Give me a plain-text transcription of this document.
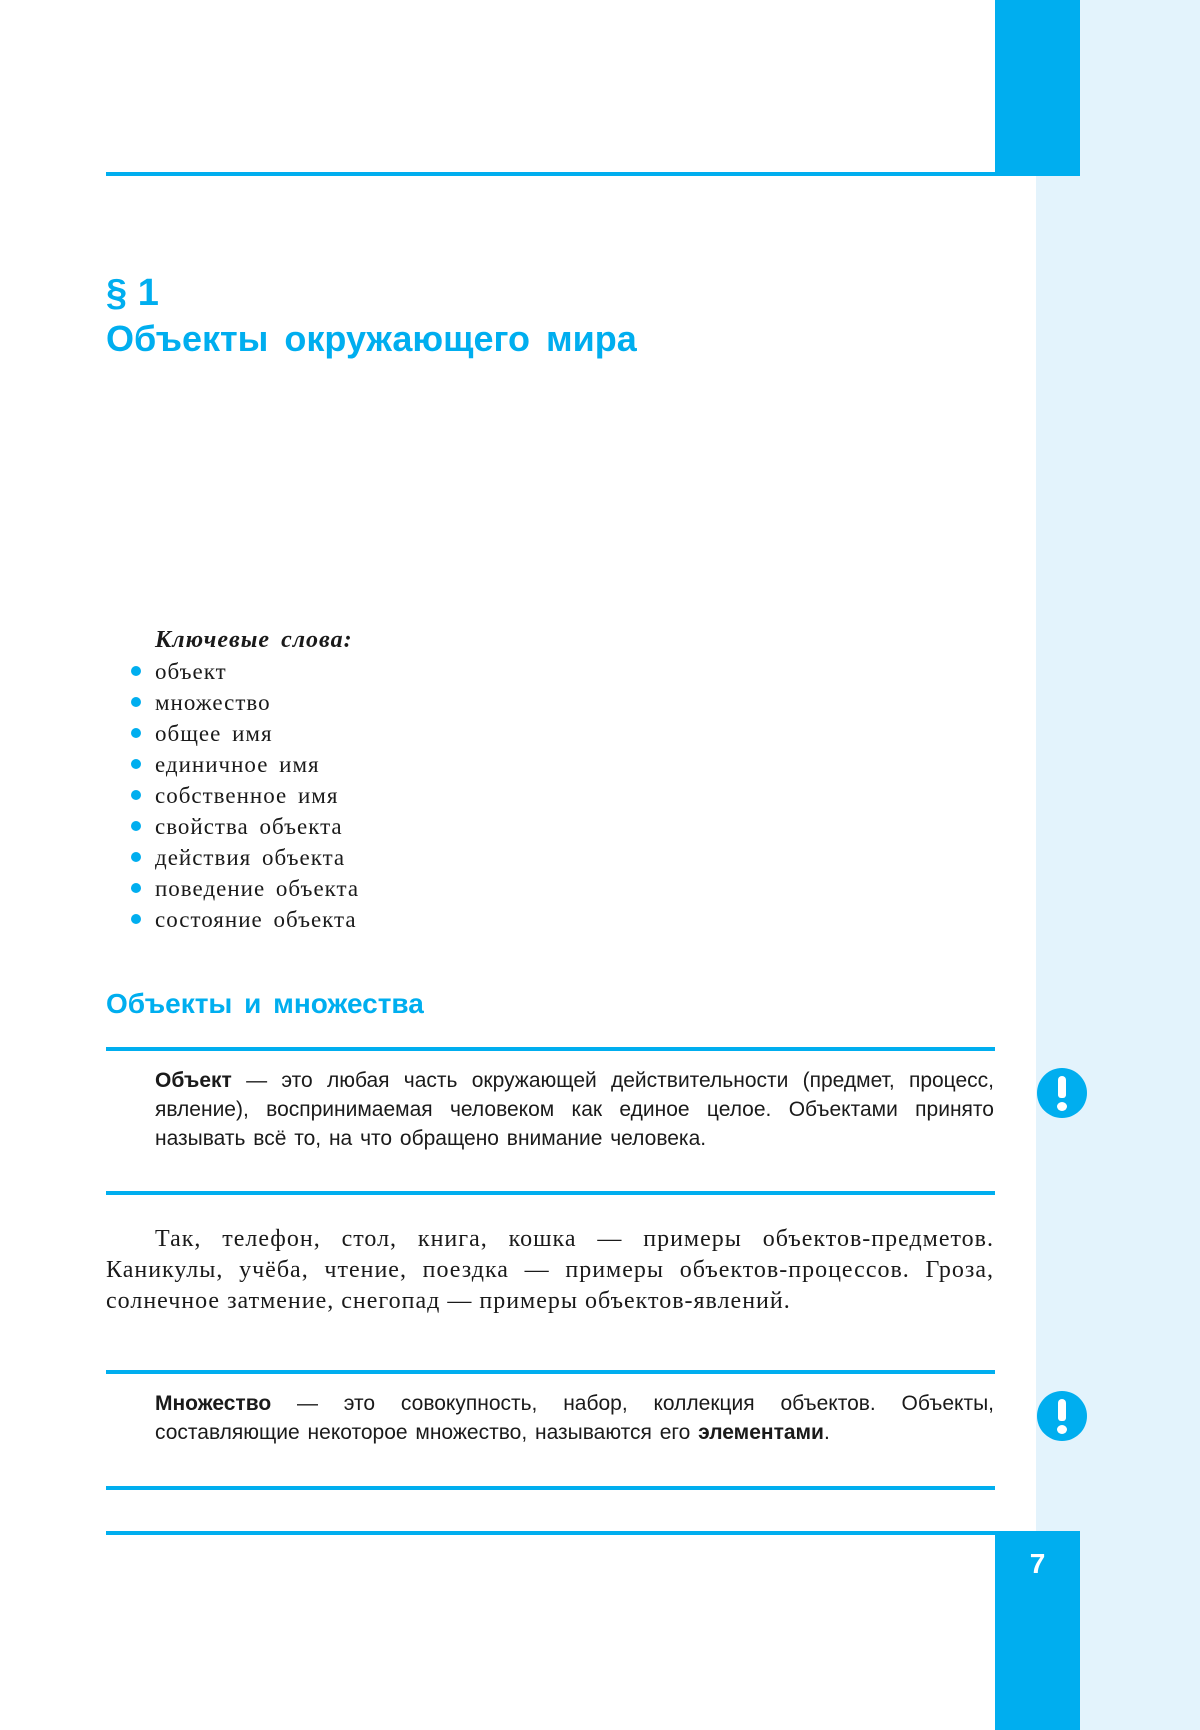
§ 1
Объекты окружающего мира

Ключевые слова:

объект
множество
общее имя
единичное имя
собственное имя
свойства объекта
действия объекта
поведение объекта
состояние объекта
Объекты и множества
Объект — это любая часть окружающей действительности (предмет, процесс, явление), воспринимаемая человеком как единое целое. Объектами принято называть всё то, на что обращено внимание человека.

Так, телефон, стол, книга, кошка — примеры объектов-предметов. Каникулы, учёба, чтение, поездка — примеры объектов-процессов. Гроза, солнечное затмение, снегопад — примеры объектов-явлений.

Множество — это совокупность, набор, коллекция объектов. Объекты, составляющие некоторое множество, называются его элементами.
7
